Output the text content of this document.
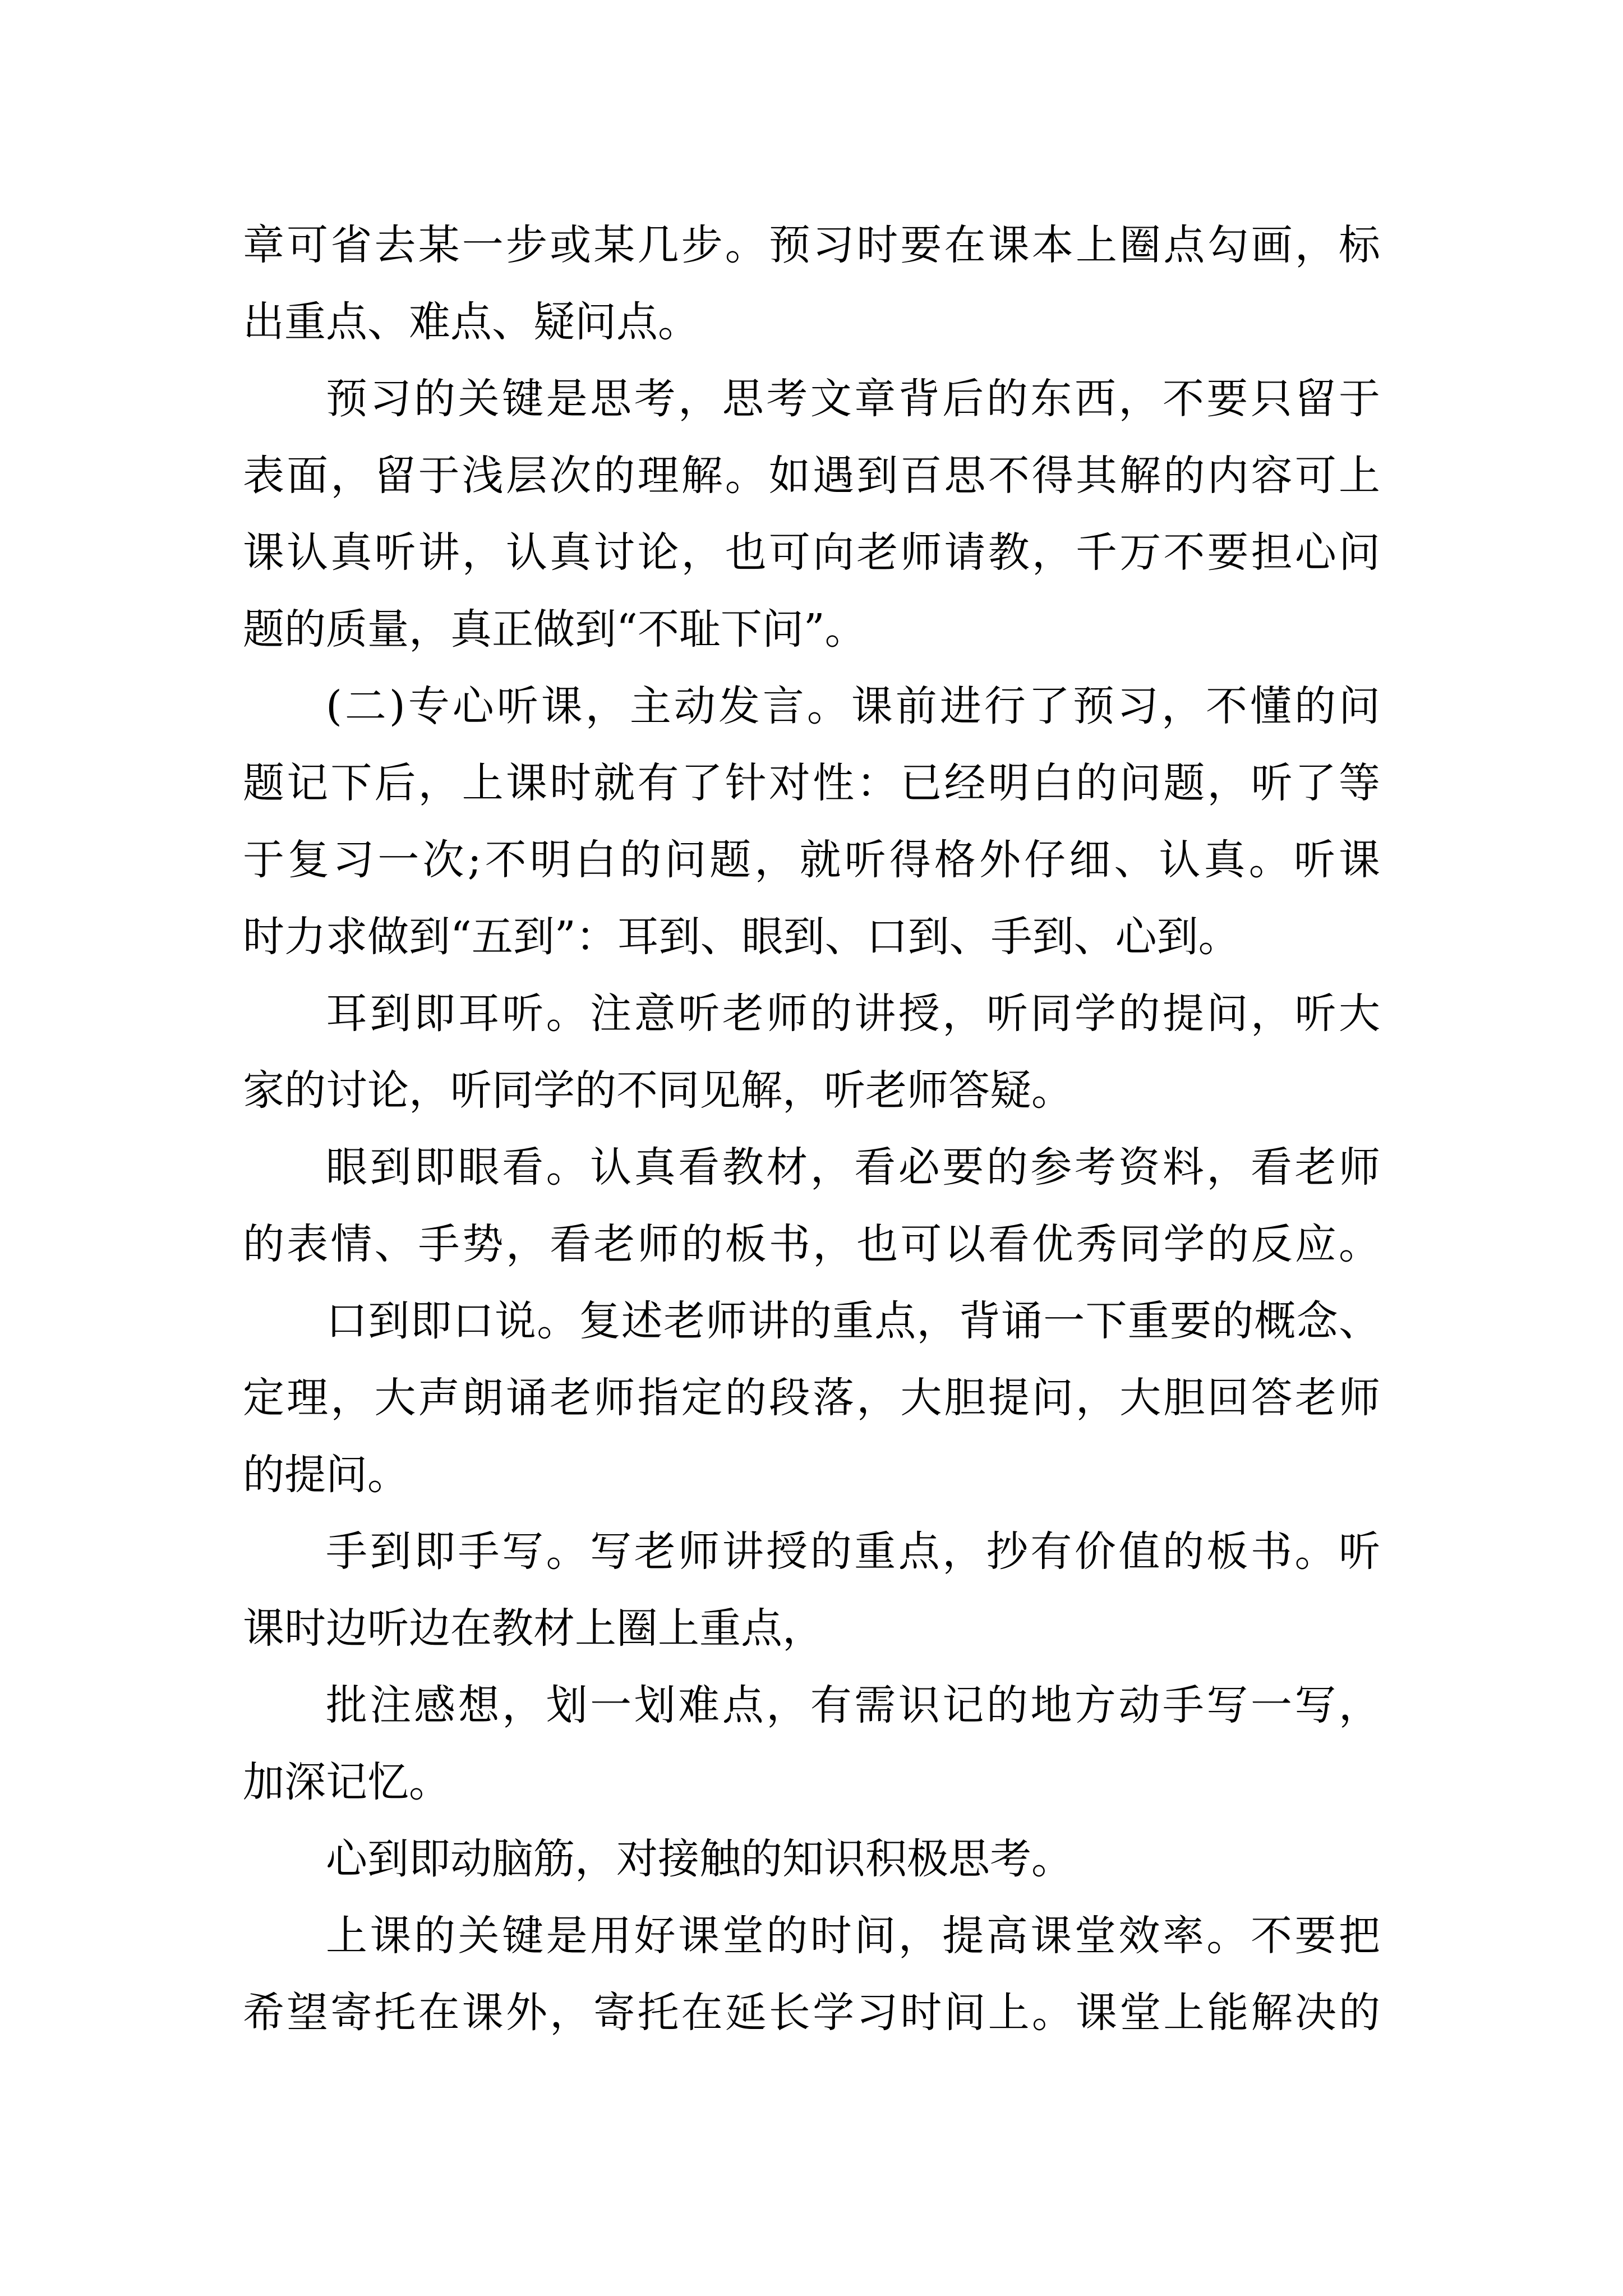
章可省去某一步或某几步。预习时要在课本上圈点勾画，标
出重点、难点、疑问点。
预习的关键是思考，思考文章背后的东西，不要只留于
表面，留于浅层次的理解。如遇到百思不得其解的内容可上
课认真听讲，认真讨论，也可向老师请教，千万不要担心问
题的质量，真正做到“不耻下问”。
(二)专心听课，主动发言。课前进行了预习，不懂的问
题记下后，上课时就有了针对性：已经明白的问题，听了等
于复习一次;不明白的问题，就听得格外仔细、认真。听课
时力求做到“五到”：耳到、眼到、口到、手到、心到。
耳到即耳听。注意听老师的讲授，听同学的提问，听大
家的讨论，听同学的不同见解，听老师答疑。
眼到即眼看。认真看教材，看必要的参考资料，看老师
的表情、手势，看老师的板书，也可以看优秀同学的反应。
口到即口说。复述老师讲的重点，背诵一下重要的概念、
定理，大声朗诵老师指定的段落，大胆提问，大胆回答老师
的提问。
手到即手写。写老师讲授的重点，抄有价值的板书。听
课时边听边在教材上圈上重点，
批注感想，划一划难点，有需识记的地方动手写一写，
加深记忆。
心到即动脑筋，对接触的知识积极思考。
上课的关键是用好课堂的时间，提高课堂效率。不要把
希望寄托在课外，寄托在延长学习时间上。课堂上能解决的
